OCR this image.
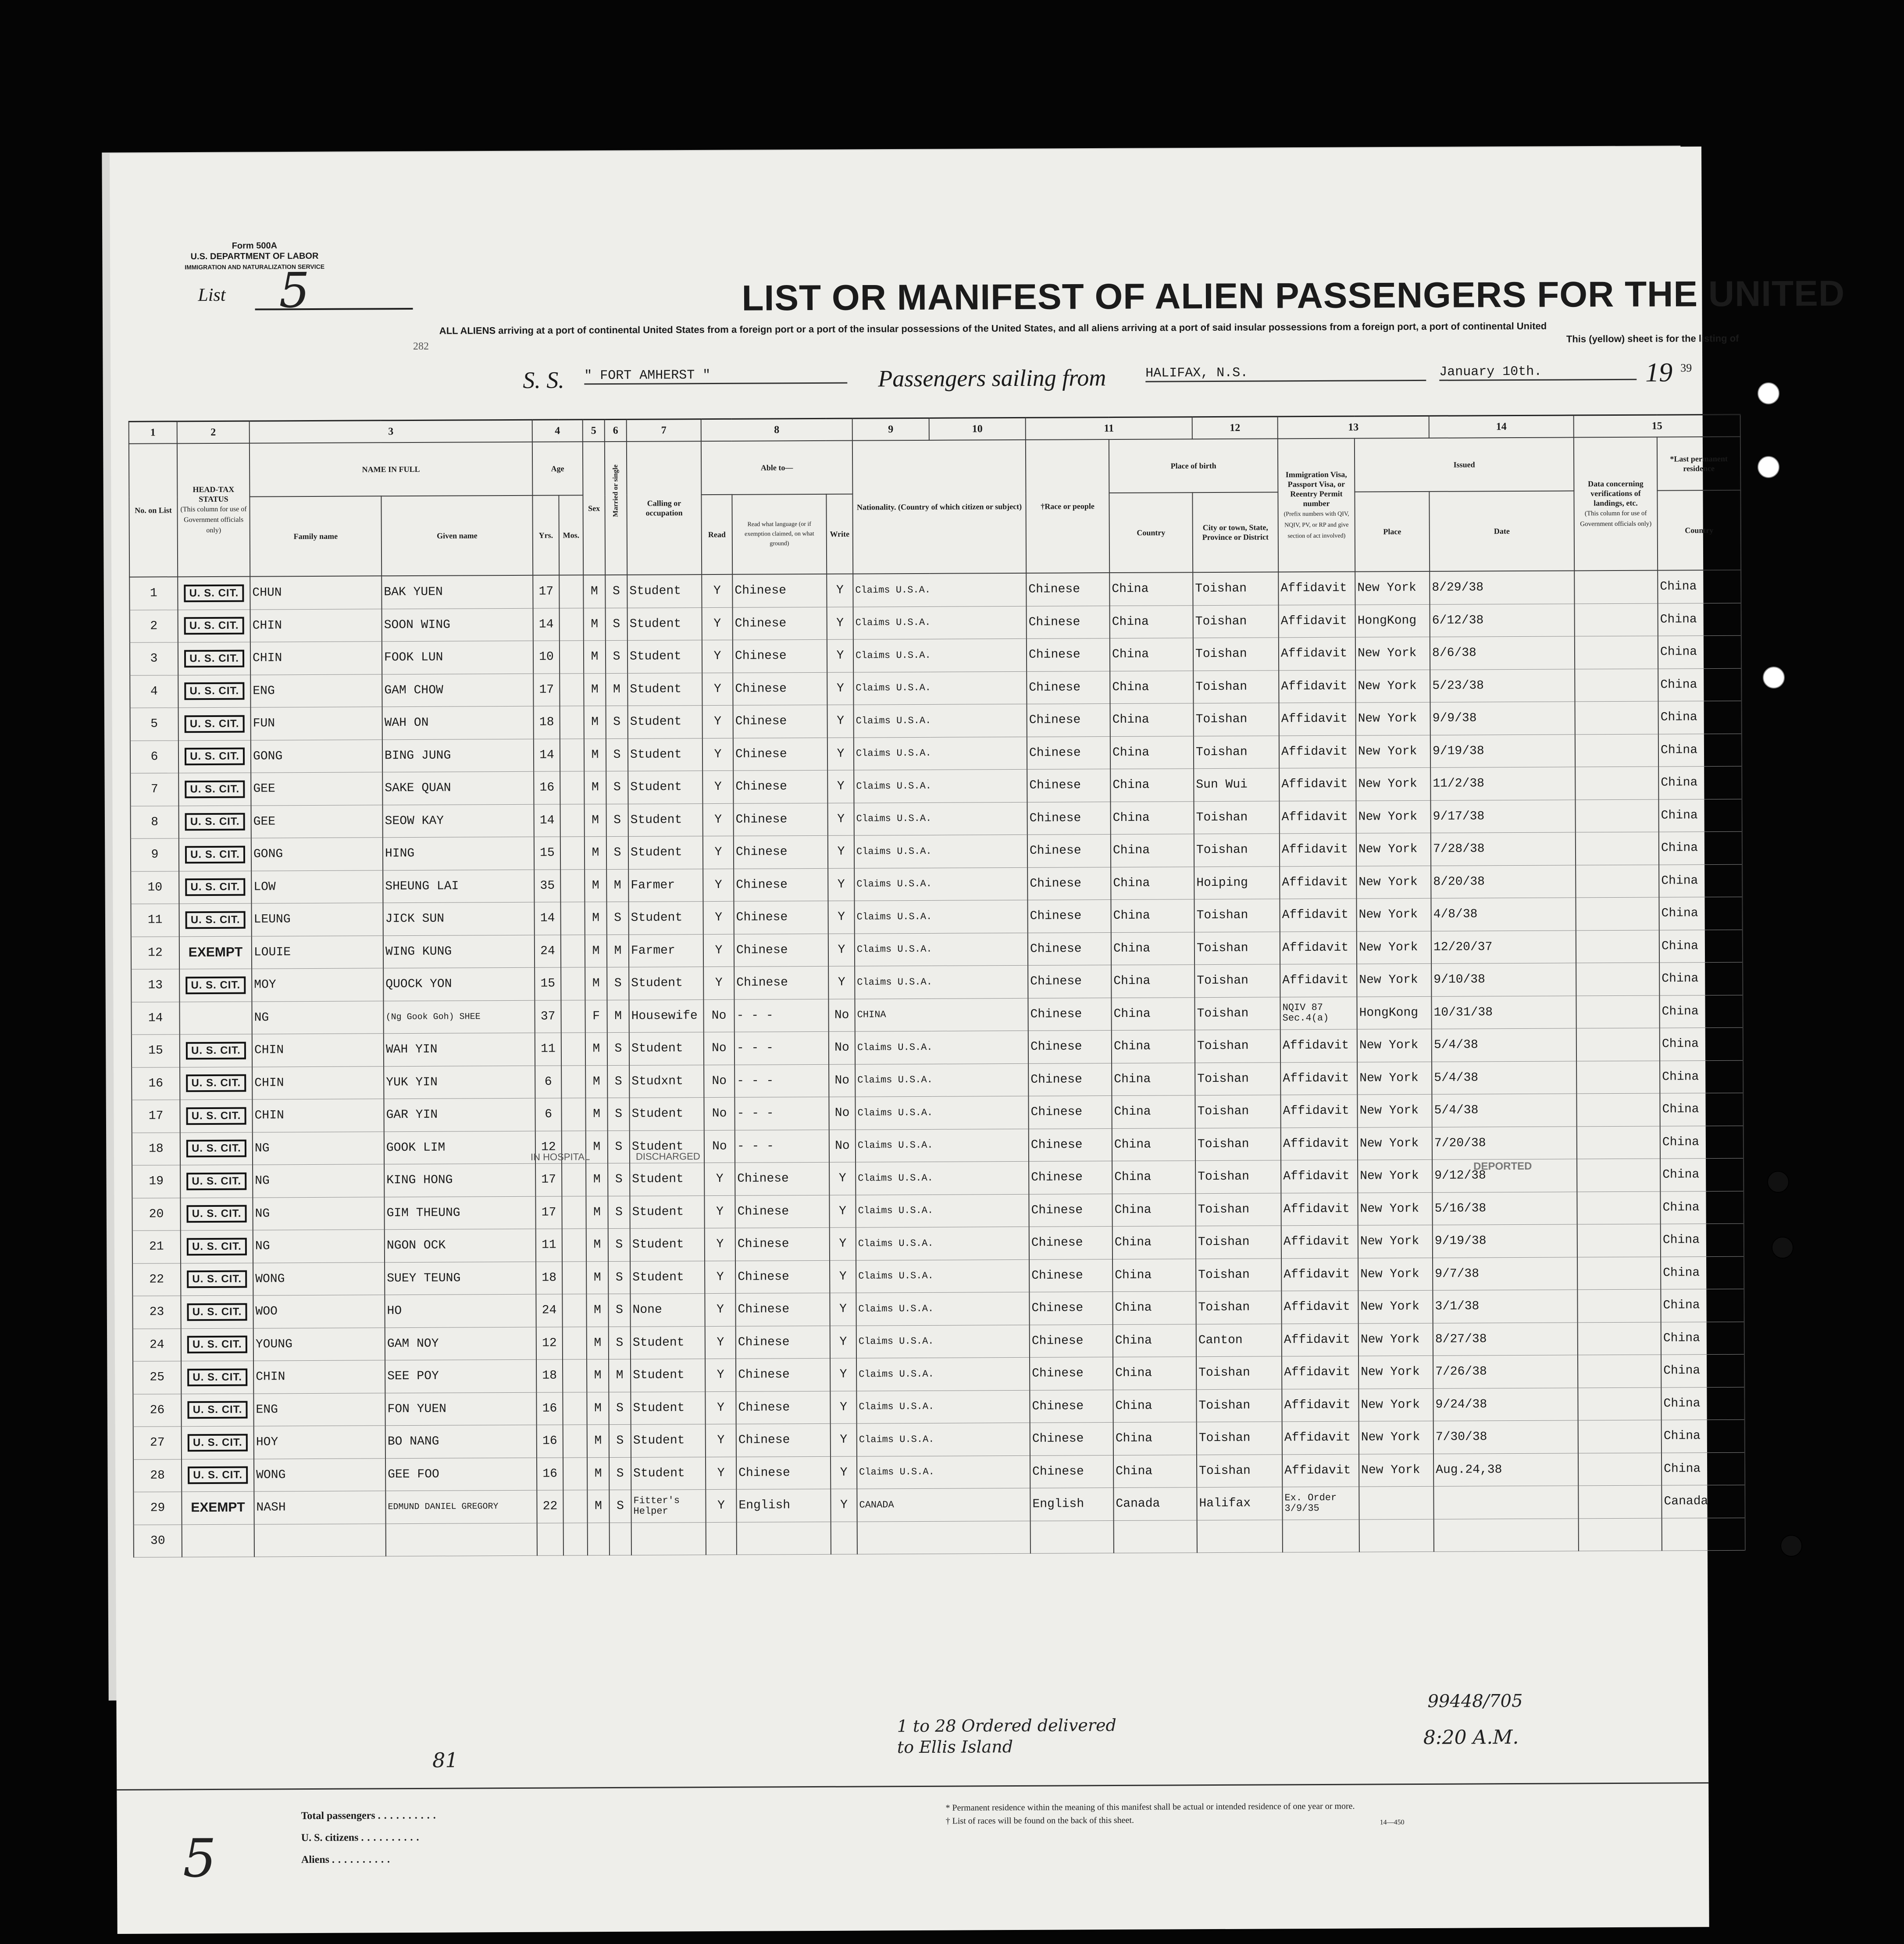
Form 500A
U.S. DEPARTMENT OF LABOR
IMMIGRATION AND NATURALIZATION SERVICE
List 5	LIST OR MANIFEST OF ALIEN PASSENGERS FOR THE UNITED
ALL ALIENS arriving at a port of continental United States from a foreign port or a port of the insular possessions of the United States, and all aliens arriving at a port of said insular possessions from a foreign port, a port of continental United
This (yellow) sheet is for the listing of
282
S. S. " FORT AMHERST "	Passengers sailing from	HALIFAX, N.S.	January 10th.	19 39
1	2	3		4		5	6	7	8			9	10	11		12	13		14	15		
No. on List	HEAD-TAX STATUS
(This column for use of Government officials only)	NAME IN FULL		Age		Sex	Married or single	Calling or occupation	Able to—			Nationality. (Country of which citizen or subject)		†Race or people	Place of birth		Immigration Visa, Passport Visa, or Reentry Permit number
(Prefix numbers with QIV, NQIV, PV, or RP and give section of act involved)	Issued		Data concerning verifications of landings, etc.
(This column for use of Government officials only)	*Last permanent residence	
		Family name	Given name	Yrs.	Mos.				Read	Read what language (or if exemption claimed, on what ground)	Write				Country	City or town, State, Province or District		Place	Date		Country	
1	U. S. CIT.	CHUN	BAK YUEN	17		M	S	Student	Y	Chinese	Y	Claims U.S.A.		Chinese	China	Toishan	Affidavit	New York	8/29/38		China	
2	U. S. CIT.	CHIN	SOON WING	14		M	S	Student	Y	Chinese	Y	Claims U.S.A.		Chinese	China	Toishan	Affidavit	HongKong	6/12/38		China	
3	U. S. CIT.	CHIN	FOOK LUN	10		M	S	Student	Y	Chinese	Y	Claims U.S.A.		Chinese	China	Toishan	Affidavit	New York	8/6/38		China	
4	U. S. CIT.	ENG	GAM CHOW	17		M	M	Student	Y	Chinese	Y	Claims U.S.A.		Chinese	China	Toishan	Affidavit	New York	5/23/38		China	
5	U. S. CIT.	FUN	WAH ON	18		M	S	Student	Y	Chinese	Y	Claims U.S.A.		Chinese	China	Toishan	Affidavit	New York	9/9/38		China	
6	U. S. CIT.	GONG	BING JUNG	14		M	S	Student	Y	Chinese	Y	Claims U.S.A.		Chinese	China	Toishan	Affidavit	New York	9/19/38		China	
7	U. S. CIT.	GEE	SAKE QUAN	16		M	S	Student	Y	Chinese	Y	Claims U.S.A.		Chinese	China	Sun Wui	Affidavit	New York	11/2/38		China	
8	U. S. CIT.	GEE	SEOW KAY	14		M	S	Student	Y	Chinese	Y	Claims U.S.A.		Chinese	China	Toishan	Affidavit	New York	9/17/38		China	
9	U. S. CIT.	GONG	HING	15		M	S	Student	Y	Chinese	Y	Claims U.S.A.		Chinese	China	Toishan	Affidavit	New York	7/28/38		China	
10	U. S. CIT.	LOW	SHEUNG LAI	35		M	M	Farmer	Y	Chinese	Y	Claims U.S.A.		Chinese	China	Hoiping	Affidavit	New York	8/20/38		China	
11	U. S. CIT.	LEUNG	JICK SUN	14		M	S	Student	Y	Chinese	Y	Claims U.S.A.		Chinese	China	Toishan	Affidavit	New York	4/8/38		China	
12	EXEMPT	LOUIE	WING KUNG	24		M	M	Farmer	Y	Chinese	Y	Claims U.S.A.		Chinese	China	Toishan	Affidavit	New York	12/20/37		China	
13	U. S. CIT.	MOY	QUOCK YON	15		M	S	Student	Y	Chinese	Y	Claims U.S.A.		Chinese	China	Toishan	Affidavit	New York	9/10/38		China	
14		NG	(Ng Gook Goh) SHEE	37		F	M	Housewife	No	- - -	No	CHINA		Chinese	China	Toishan	NQIV 87 Sec.4(a)	HongKong	10/31/38		China	
15	U. S. CIT.	CHIN	WAH YIN	11		M	S	Student	No	- - -	No	Claims U.S.A.		Chinese	China	Toishan	Affidavit	New York	5/4/38		China	
16	U. S. CIT.	CHIN	YUK YIN	6		M	S	Studxnt	No	- - -	No	Claims U.S.A.		Chinese	China	Toishan	Affidavit	New York	5/4/38		China	
17	U. S. CIT.	CHIN	GAR YIN	6		M	S	Student	No	- - -	No	Claims U.S.A.		Chinese	China	Toishan	Affidavit	New York	5/4/38		China	
18	U. S. CIT.	NG	GOOK LIM	12		M	S	Student	No	- - -	No	Claims U.S.A.		Chinese	China	Toishan	Affidavit	New York	7/20/38		China	
19	U. S. CIT.	NG	KING HONG	17		M	S	Student	Y	Chinese	Y	Claims U.S.A.		Chinese	China	Toishan	Affidavit	New York	9/12/38		China	
20	U. S. CIT.	NG	GIM THEUNG	17		M	S	Student	Y	Chinese	Y	Claims U.S.A.		Chinese	China	Toishan	Affidavit	New York	5/16/38		China	
21	U. S. CIT.	NG	NGON OCK	11		M	S	Student	Y	Chinese	Y	Claims U.S.A.		Chinese	China	Toishan	Affidavit	New York	9/19/38		China	
22	U. S. CIT.	WONG	SUEY TEUNG	18		M	S	Student	Y	Chinese	Y	Claims U.S.A.		Chinese	China	Toishan	Affidavit	New York	9/7/38		China	
23	U. S. CIT.	WOO	HO	24		M	S	None	Y	Chinese	Y	Claims U.S.A.		Chinese	China	Toishan	Affidavit	New York	3/1/38		China	
24	U. S. CIT.	YOUNG	GAM NOY	12		M	S	Student	Y	Chinese	Y	Claims U.S.A.		Chinese	China	Canton	Affidavit	New York	8/27/38		China	
25	U. S. CIT.	CHIN	SEE POY	18		M	M	Student	Y	Chinese	Y	Claims U.S.A.		Chinese	China	Toishan	Affidavit	New York	7/26/38		China	
26	U. S. CIT.	ENG	FON YUEN	16		M	S	Student	Y	Chinese	Y	Claims U.S.A.		Chinese	China	Toishan	Affidavit	New York	9/24/38		China	
27	U. S. CIT.	HOY	BO NANG	16		M	S	Student	Y	Chinese	Y	Claims U.S.A.		Chinese	China	Toishan	Affidavit	New York	7/30/38		China	
28	U. S. CIT.	WONG	GEE FOO	16		M	S	Student	Y	Chinese	Y	Claims U.S.A.		Chinese	China	Toishan	Affidavit	New York	Aug.24,38		China	
29	EXEMPT	NASH	EDMUND DANIEL GREGORY	22		M	S	Fitter's Helper	Y	English	Y	CANADA		English	Canada	Halifax	Ex. Order 3/9/35				Canada	
30																						
81
1 to 28 Ordered delivered to Ellis Island
99448/705
8:20 A.M.
5
DEPORTED
IN HOSPITAL	DISCHARGED
Total passengers ..........
U. S. citizens ..........
Aliens ..........
* Permanent residence within the meaning of this manifest shall be actual or intended residence of one year or more.
† List of races will be found on the back of this sheet.	14—450
